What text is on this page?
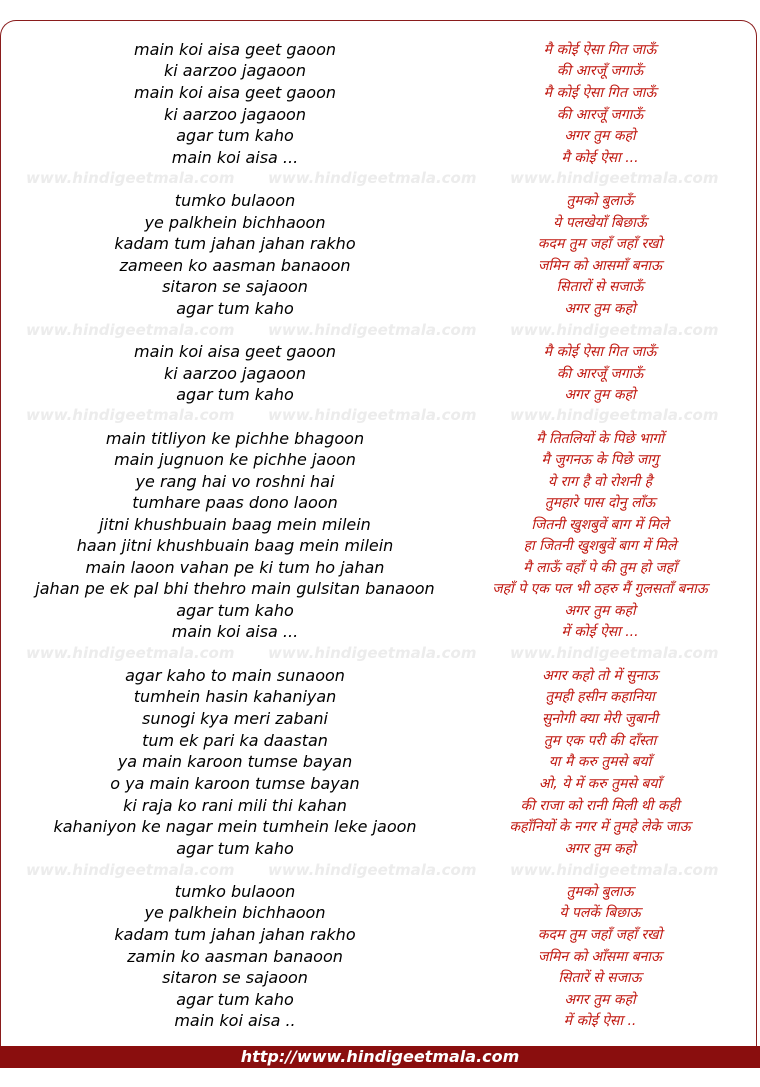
main koi aisa geet gaoon
ki aarzoo jagaoon
main koi aisa geet gaoon
ki aarzoo jagaoon
agar tum kaho
main koi aisa ...
tumko bulaoon
ye palkhein bichhaoon
kadam tum jahan jahan rakho
zameen ko aasman banaoon
sitaron se sajaoon
agar tum kaho
main koi aisa geet gaoon
ki aarzoo jagaoon
agar tum kaho
main titliyon ke pichhe bhagoon
main jugnuon ke pichhe jaoon
ye rang hai vo roshni hai
tumhare paas dono laoon
jitni khushbuain baag mein milein
haan jitni khushbuain baag mein milein
main laoon vahan pe ki tum ho jahan
jahan pe ek pal bhi thehro main gulsitan banaoon
agar tum kaho
main koi aisa ...
agar kaho to main sunaoon
tumhein hasin kahaniyan
sunogi kya meri zabani
tum ek pari ka daastan
ya main karoon tumse bayan
o ya main karoon tumse bayan
ki raja ko rani mili thi kahan
kahaniyon ke nagar mein tumhein leke jaoon
agar tum kaho
tumko bulaoon
ye palkhein bichhaoon
kadam tum jahan jahan rakho
zamin ko aasman banaoon
sitaron se sajaoon
agar tum kaho
main koi aisa ..
मै कोई ऐसा गित जाऊँ
की आरजूँ जगाऊँ
मै कोई ऐसा गित जाऊँ
की आरजूँ जगाऊँ
अगर तुम कहो
मै कोई ऐसा ...
तुमको बुलाऊँ
ये पलखेयाँ बिछाऊँ
कदम तुम जहाँ जहाँ रखो
जमिन को आसमाँ बनाऊ
सितारों से सजाऊँ
अगर तुम कहो
मै कोई ऐसा गित जाऊँ
की आरजूँ जगाऊँ
अगर तुम कहो
मै तितलियों के पिछे भागों
मै जुगनऊ के पिछे जागु
ये राग है वो रोशनी है
तुमहारे पास दोनु लाँऊ
जितनी खुशबुवें बाग में मिले
हा जितनी खुशबुवें बाग में मिले
मै लाऊँ वहाँ पे की तुम हो जहाँ
जहाँ पे एक पल भी ठहरु मैं गुलसताँ बनाऊ
अगर तुम कहो
में कोई ऐसा ...
अगर कहो तो में सुनाऊ
तुमही हसीन कहानिया
सुनोगी क्या मेरी जुबानी
तुम एक परी की दाँस्ता
या मै करु तुमसे बयाँ
ओ, ये में करु तुमसे बयाँ
की राजा को रानी मिली थी कही
कहाँनियों के नगर में तुमहे लेके जाऊ
अगर तुम कहो
तुमको बुलाऊ
ये पलकें बिछाऊ
कदम तुम जहाँ जहाँ रखो
जमिन को आँसमा बनाऊ
सितारें से सजाऊ
अगर तुम कहो
में कोई ऐसा ..
www.hindigeetmala.com www.hindigeetmala.com www.hindigeetmala.com
www.hindigeetmala.com www.hindigeetmala.com www.hindigeetmala.com
www.hindigeetmala.com www.hindigeetmala.com www.hindigeetmala.com
www.hindigeetmala.com www.hindigeetmala.com www.hindigeetmala.com
www.hindigeetmala.com www.hindigeetmala.com www.hindigeetmala.com
http://www.hindigeetmala.com
